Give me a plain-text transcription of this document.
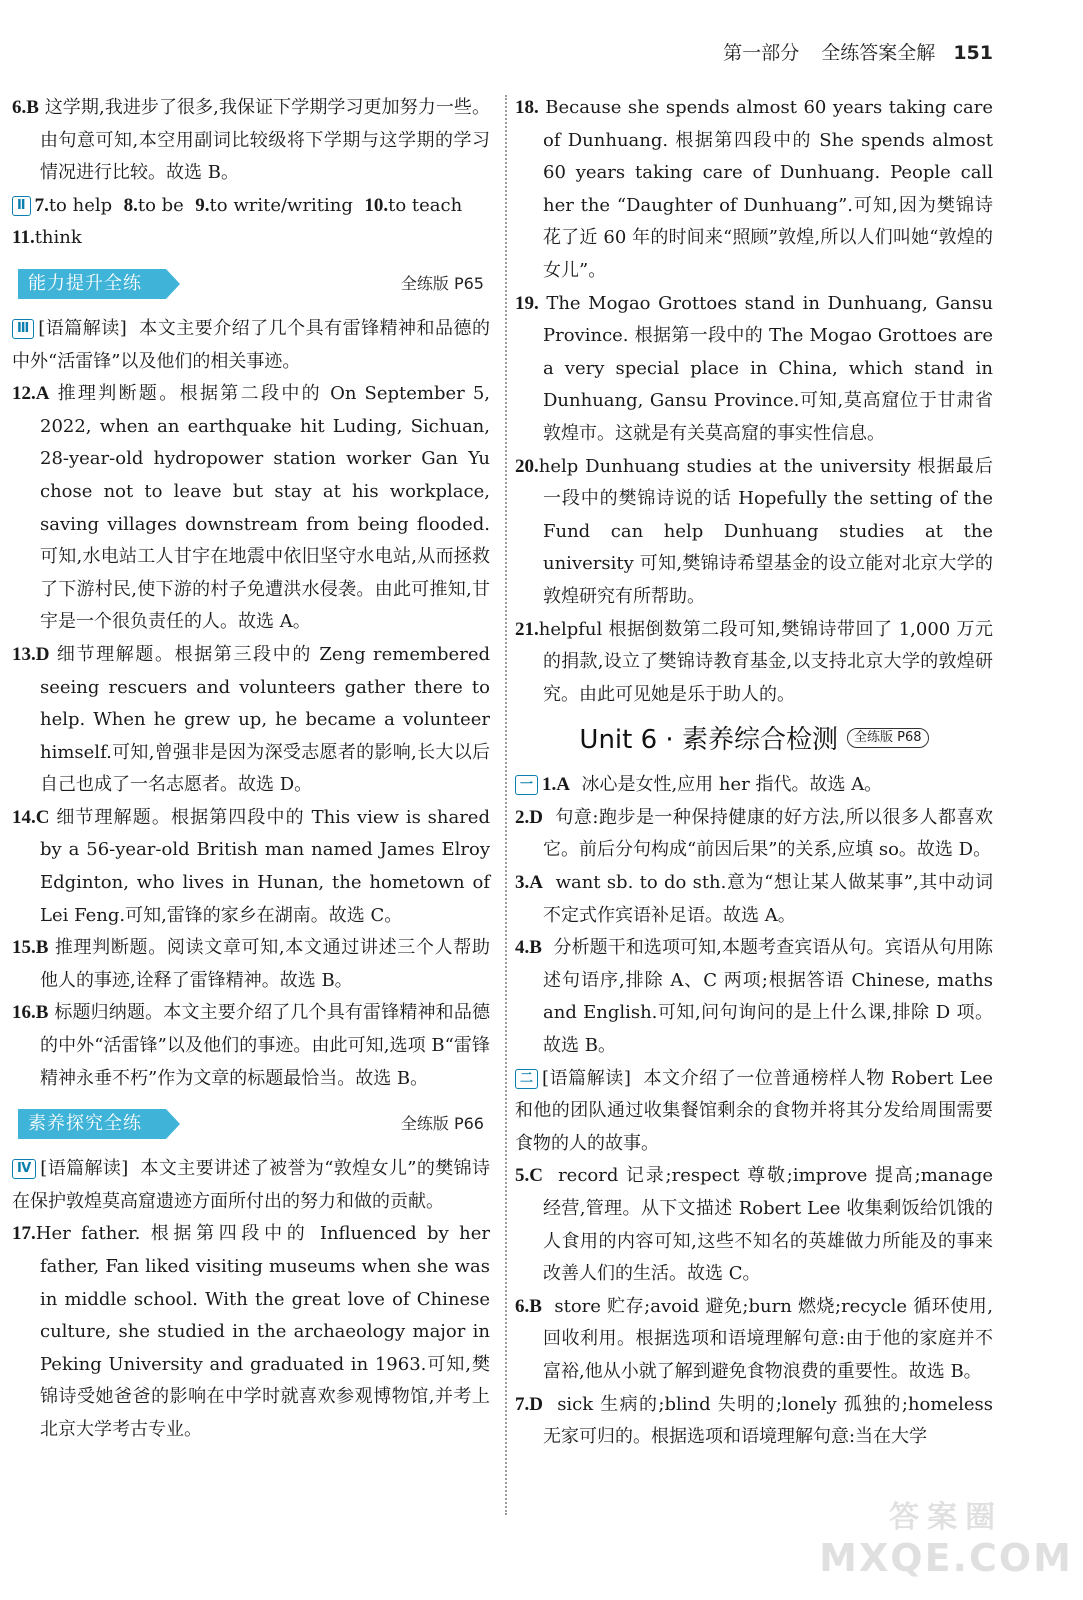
第一部分 全练答案全解 151

6.B 这学期,我进步了很多,我保证下学期学习更加努力一些。由句意可知,本空用副词比较级将下学期与这学期的学习情况进行比较。故选 B。

Ⅱ 7.to help 8.to be 9.to write/writing 10.to teach
11.think

能力提升全练	全练版 P65

Ⅲ [语篇解读] 本文主要介绍了几个具有雷锋精神和品德的中外“活雷锋”以及他们的相关事迹。

12.A 推理判断题。根据第二段中的 On September 5, 2022, when an earthquake hit Luding, Sichuan, 28-year-old hydropower station worker Gan Yu chose not to leave but stay at his workplace, saving villages downstream from being flooded.可知,水电站工人甘宇在地震中依旧坚守水电站,从而拯救了下游村民,使下游的村子免遭洪水侵袭。由此可推知,甘宇是一个很负责任的人。故选 A。

13.D 细节理解题。根据第三段中的 Zeng remembered seeing rescuers and volunteers gather there to help. When he grew up, he became a volunteer himself.可知,曾强非是因为深受志愿者的影响,长大以后自己也成了一名志愿者。故选 D。

14.C 细节理解题。根据第四段中的 This view is shared by a 56-year-old British man named James Elroy Edginton, who lives in Hunan, the hometown of Lei Feng.可知,雷锋的家乡在湖南。故选 C。

15.B 推理判断题。阅读文章可知,本文通过讲述三个人帮助他人的事迹,诠释了雷锋精神。故选 B。

16.B 标题归纳题。本文主要介绍了几个具有雷锋精神和品德的中外“活雷锋”以及他们的事迹。由此可知,选项 B“雷锋精神永垂不朽”作为文章的标题最恰当。故选 B。

素养探究全练	全练版 P66

Ⅳ [语篇解读] 本文主要讲述了被誉为“敦煌女儿”的樊锦诗在保护敦煌莫高窟遗迹方面所付出的努力和做的贡献。

17.Her father. 根据第四段中的 Influenced by her father, Fan liked visiting museums when she was in middle school. With the great love of Chinese culture, she studied in the archaeology major in Peking University and graduated in 1963.可知,樊锦诗受她爸爸的影响在中学时就喜欢参观博物馆,并考上北京大学考古专业。

18. Because she spends almost 60 years taking care of Dunhuang. 根据第四段中的 She spends almost 60 years taking care of Dunhuang. People call her the “Daughter of Dunhuang”.可知,因为樊锦诗花了近 60 年的时间来“照顾”敦煌,所以人们叫她“敦煌的女儿”。

19. The Mogao Grottoes stand in Dunhuang, Gansu Province. 根据第一段中的 The Mogao Grottoes are a very special place in China, which stand in Dunhuang, Gansu Province.可知,莫高窟位于甘肃省敦煌市。这就是有关莫高窟的事实性信息。

20.help Dunhuang studies at the university 根据最后一段中的樊锦诗说的话 Hopefully the setting of the Fund can help Dunhuang studies at the university 可知,樊锦诗希望基金的设立能对北京大学的敦煌研究有所帮助。

21.helpful 根据倒数第二段可知,樊锦诗带回了 1,000 万元的捐款,设立了樊锦诗教育基金,以支持北京大学的敦煌研究。由此可见她是乐于助人的。

Unit 6 · 素养综合检测 全练版 P68

一 1.A 冰心是女性,应用 her 指代。故选 A。

2.D 句意:跑步是一种保持健康的好方法,所以很多人都喜欢它。前后分句构成“前因后果”的关系,应填 so。故选 D。

3.A want sb. to do sth.意为“想让某人做某事”,其中动词不定式作宾语补足语。故选 A。

4.B 分析题干和选项可知,本题考查宾语从句。宾语从句用陈述句语序,排除 A、C 两项;根据答语 Chinese, maths and English.可知,问句询问的是上什么课,排除 D 项。故选 B。

二 [语篇解读] 本文介绍了一位普通榜样人物 Robert Lee 和他的团队通过收集餐馆剩余的食物并将其分发给周围需要食物的人的故事。

5.C record 记录;respect 尊敬;improve 提高;manage 经营,管理。从下文描述 Robert Lee 收集剩饭给饥饿的人食用的内容可知,这些不知名的英雄做力所能及的事来改善人们的生活。故选 C。

6.B store 贮存;avoid 避免;burn 燃烧;recycle 循环使用,回收利用。根据选项和语境理解句意:由于他的家庭并不富裕,他从小就了解到避免食物浪费的重要性。故选 B。

7.D sick 生病的;blind 失明的;lonely 孤独的;homeless 无家可归的。根据选项和语境理解句意:当在大学

答案圈
MXQE.COM
